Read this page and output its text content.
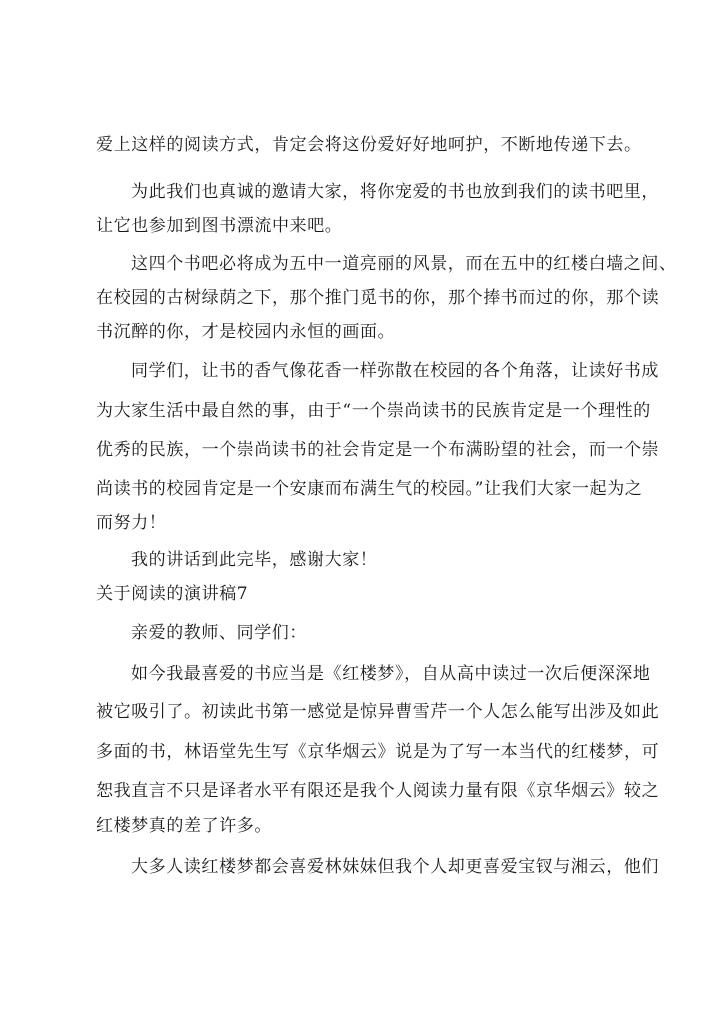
爱上这样的阅读方式，肯定会将这份爱好好地呵护，不断地传递下去。
为此我们也真诚的邀请大家，将你宠爱的书也放到我们的读书吧里，
让它也参加到图书漂流中来吧。
这四个书吧必将成为五中一道亮丽的风景，而在五中的红楼白墙之间、
在校园的古树绿荫之下，那个推门觅书的你，那个捧书而过的你，那个读
书沉醉的你，才是校园内永恒的画面。
同学们，让书的香气像花香一样弥散在校园的各个角落，让读好书成
为大家生活中最自然的事，由于“一个崇尚读书的民族肯定是一个理性的
优秀的民族，一个崇尚读书的社会肯定是一个布满盼望的社会，而一个崇
尚读书的校园肯定是一个安康而布满生气的校园。”让我们大家一起为之
而努力！
我的讲话到此完毕，感谢大家！
关于阅读的演讲稿7
亲爱的教师、同学们：
如今我最喜爱的书应当是《红楼梦》，自从高中读过一次后便深深地
被它吸引了。初读此书第一感觉是惊异曹雪芹一个人怎么能写出涉及如此
多面的书，林语堂先生写《京华烟云》说是为了写一本当代的红楼梦，可
恕我直言不只是译者水平有限还是我个人阅读力量有限《京华烟云》较之
红楼梦真的差了许多。
大多人读红楼梦都会喜爱林妹妹但我个人却更喜爱宝钗与湘云，他们
